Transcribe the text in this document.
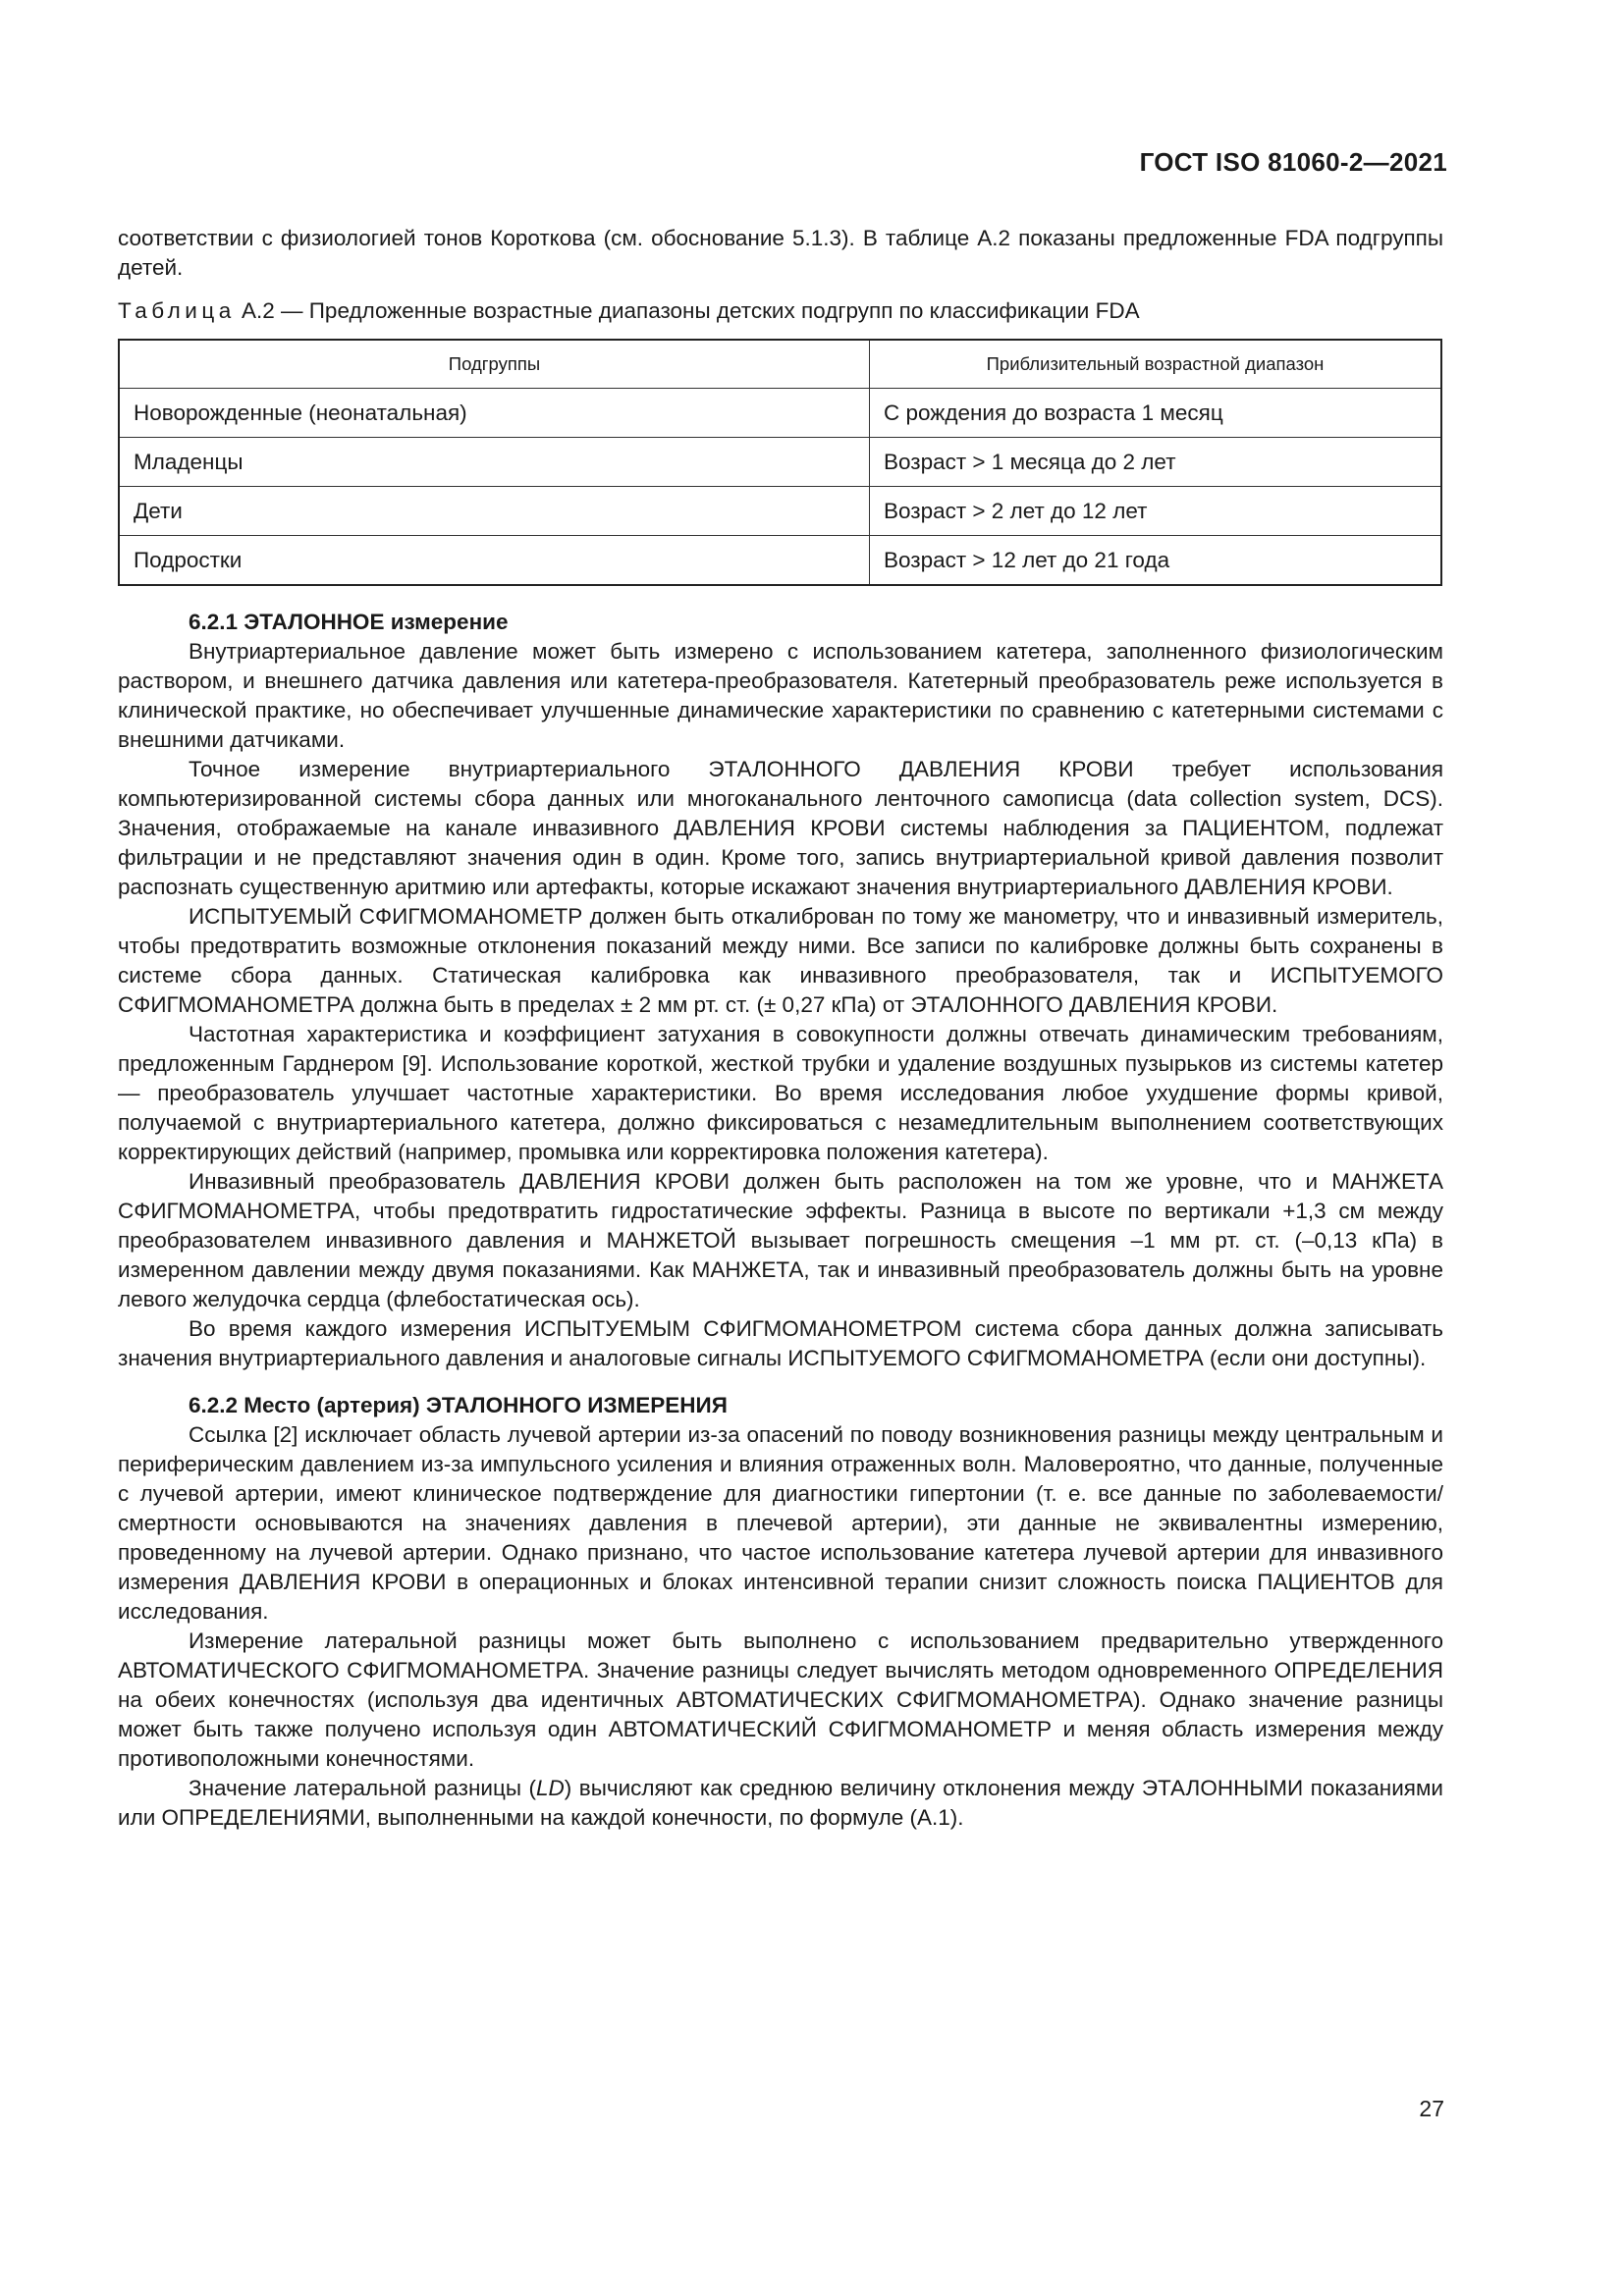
ГОСТ ISO 81060-2—2021

соответствии с физиологией тонов Короткова (см. обоснование 5.1.3). В таблице A.2 показаны предложенные FDA подгруппы детей.

Таблица A.2 — Предложенные возрастные диапазоны детских подгрупп по классификации FDA
Подгруппы	Приблизительный возрастной диапазон
Новорожденные (неонатальная)	С рождения до возраста 1 месяц
Младенцы	Возраст > 1 месяца до 2 лет
Дети	Возраст > 2 лет до 12 лет
Подростки	Возраст > 12 лет до 21 года
6.2.1 ЭТАЛОННОЕ измерение

Внутриартериальное давление может быть измерено с использованием катетера, заполненного физиологическим раствором, и внешнего датчика давления или катетера-преобразователя. Катетерный преобразователь реже используется в клинической практике, но обеспечивает улучшенные динамические характеристики по сравнению с катетерными системами с внешними датчиками.

Точное измерение внутриартериального ЭТАЛОННОГО ДАВЛЕНИЯ КРОВИ требует использования компьютеризированной системы сбора данных или многоканального ленточного самописца (data collection system, DCS). Значения, отображаемые на канале инвазивного ДАВЛЕНИЯ КРОВИ системы наблюдения за ПАЦИЕНТОМ, подлежат фильтрации и не представляют значения один в один. Кроме того, запись внутриартериальной кривой давления позволит распознать существенную аритмию или артефакты, которые искажают значения внутриартериального ДАВЛЕНИЯ КРОВИ.

ИСПЫТУЕМЫЙ СФИГМОМАНОМЕТР должен быть откалиброван по тому же манометру, что и инвазивный измеритель, чтобы предотвратить возможные отклонения показаний между ними. Все записи по калибровке должны быть сохранены в системе сбора данных. Статическая калибровка как инвазивного преобразователя, так и ИСПЫТУЕМОГО СФИГМОМАНОМЕТРА должна быть в пределах ± 2 мм рт. ст. (± 0,27 кПа) от ЭТАЛОННОГО ДАВЛЕНИЯ КРОВИ.

Частотная характеристика и коэффициент затухания в совокупности должны отвечать динамическим требованиям, предложенным Гарднером [9]. Использование короткой, жесткой трубки и удаление воздушных пузырьков из системы катетер — преобразователь улучшает частотные характеристики. Во время исследования любое ухудшение формы кривой, получаемой с внутриартериального катетера, должно фиксироваться с незамедлительным выполнением соответствующих корректирующих действий (например, промывка или корректировка положения катетера).

Инвазивный преобразователь ДАВЛЕНИЯ КРОВИ должен быть расположен на том же уровне, что и МАНЖЕТА СФИГМОМАНОМЕТРА, чтобы предотвратить гидростатические эффекты. Разница в высоте по вертикали +1,3 см между преобразователем инвазивного давления и МАНЖЕТОЙ вызывает погрешность смещения –1 мм рт. ст. (–0,13 кПа) в измеренном давлении между двумя показаниями. Как МАНЖЕТА, так и инвазивный преобразователь должны быть на уровне левого желудочка сердца (флебостатическая ось).

Во время каждого измерения ИСПЫТУЕМЫМ СФИГМОМАНОМЕТРОМ система сбора данных должна записывать значения внутриартериального давления и аналоговые сигналы ИСПЫТУЕМОГО СФИГМОМАНОМЕТРА (если они доступны).

6.2.2 Место (артерия) ЭТАЛОННОГО ИЗМЕРЕНИЯ

Ссылка [2] исключает область лучевой артерии из-за опасений по поводу возникновения разницы между центральным и периферическим давлением из-за импульсного усиления и влияния отраженных волн. Маловероятно, что данные, полученные с лучевой артерии, имеют клиническое подтверждение для диагностики гипертонии (т. е. все данные по заболеваемости/смертности основываются на значениях давления в плечевой артерии), эти данные не эквивалентны измерению, проведенному на лучевой артерии. Однако признано, что частое использование катетера лучевой артерии для инвазивного измерения ДАВЛЕНИЯ КРОВИ в операционных и блоках интенсивной терапии снизит сложность поиска ПАЦИЕНТОВ для исследования.

Измерение латеральной разницы может быть выполнено с использованием предварительно утвержденного АВТОМАТИЧЕСКОГО СФИГМОМАНОМЕТРА. Значение разницы следует вычислять методом одновременного ОПРЕДЕЛЕНИЯ на обеих конечностях (используя два идентичных АВТОМАТИЧЕСКИХ СФИГМОМАНОМЕТРА). Однако значение разницы может быть также получено используя один АВТОМАТИЧЕСКИЙ СФИГМОМАНОМЕТР и меняя область измерения между противоположными конечностями.

Значение латеральной разницы (LD) вычисляют как среднюю величину отклонения между ЭТАЛОННЫМИ показаниями или ОПРЕДЕЛЕНИЯМИ, выполненными на каждой конечности, по формуле (А.1).

27
